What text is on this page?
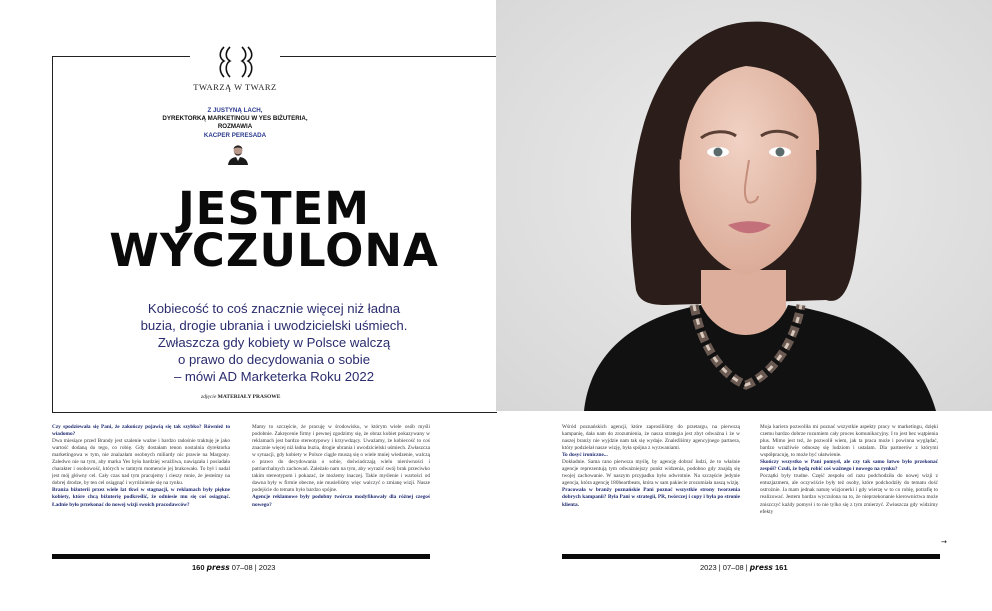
TWARZĄ W TWARZ
Z JUSTYNĄ LACH,
DYREKTORKĄ MARKETINGU W YES BIŻUTERIA,
ROZMAWIA
KACPER PERESADA
JESTEM
WYCZULONA
Kobiecość to coś znacznie więcej niż ładna
buzia, drogie ubrania i uwodzicielski uśmiech.
Zwłaszcza gdy kobiety w Polsce walczą
o prawo do decydowania o sobie
– mówi AD Marketerka Roku 2022
zdjęcie MATERIAŁY PRASOWE

Czy spodziewała się Pani, że zakończy pojawią się tak szybko? Również to wiadomo?

Dwa miesiące przed Brandy jest szalenie ważne i bardzo radośnie traktuję je jako wartość dodaną do tego, co robię. Gdy dostałam tenon nostalnia dyrektorka marketingowa w tym, nie znalazłam osobnych miliardy nic prawie na Margony. Zaledwo nie na tym, aby marka Yes była bardziej wrażliwa, nawiązała i posiadała charakter i osobowość, których w tamtym momencie jej brakowało. To był i nadal jest mój główny cel. Cały czas nad tym pracujemy i cieszy mnie, że jesteśmy na dobrej drodze, by ten cel osiągnąć i wyróżnienie się na rynku.

Branża biżuterii przez wiele lat tkwi w stagnacji, w reklamach były piękne kobiety, które chcą biżuterię podkreślić, że odniesie mu się coś osiągnąć. Ładnie było przekonać do nowej wizji swoich pracodawców?

Mamy to szczęście, że pracuję w środowisku, w którym wiele osób myśli podobnie. Zakręcenie firmy i pewnej zgodzimy się, że obraz kobiet pokazywany w reklamach jest bardzo stereotypowy i krzywdzący. Uważamy, że kobiecość to coś znacznie więcej niż ładna buzia, drogie ubrania i uwodzicielski uśmiech. Zwłaszcza w sytuacji, gdy kobiety w Polsce ciągle muszą się o wiele mniej wiedzenie, walczą o prawo do decydowania o sobie, doświadczają wielu nierówności i patriarchalnych zachowań. Zależało nam na tym, aby wyrazić swój brak przeciwko takim stereotypom i pokazać, że możemy inaczej. Takie myślenie i wartości od dawna były w firmie obecne, nie musieliśmy więc walczyć o zmianę wizji. Nasze podejście do tematu było bardzo spójne.

Agencje reklamowe były podobny twórczo modyfikowały dla różnej czegoś nowego?

Wśród poznańskich agencji, które zaprosiliśmy do przetargu, na pierwszą kampanię, dała nam do zrozumienia, że nasza strategia jest zbyt odważna i że w naszej branży nie wyjdzie nam tak się wydaje. Znaleźliśmy agencyjnego partnera, który podzielał nasze wizję, była spójna z wyzwaniami.

To dosyć ironiczne...

Dokładnie. Sama rano pierwsza myślę, by agencję dobrać ludzi, że to właśnie agencje reprezentują tym odważniejszy punkt widzenia, podobno gdy znajdą się twojej zachowanie. W naszym przypadku było odwrotnie. Na szczęście jedynie agencja, która agencję 180heartbeats, która w sam pakiecie zrozumiała naszą wizję.

Pracowała w branży poznańskie Pani poznać wszystkie strony tworzenia dobrych kampanii? Była Pani w strategii, PR, twórczej i copy i była po stronie klienta.

Moja kariera pozwoliła mi poznać wszystkie aspekty pracy w marketingu, dzięki czemu bardzo dobrze rozumiem cały proces komunikacyjny. I to jest bez wątpienia plus. Mimo jest też, że pozwolił wiem, jak ta praca może i powinna wyglądać, bardzo wrażliwie odnoszę się ludziom i ustalam. Dla partnerów z którymi współpracuję, to może być ułatwienie.

Skończy wszystko w Pani pomysł, ale czy tak samo łatwo było przekonać zespół? Czuli, że będą robić coś ważnego i nowego na rynku?

Początki były trudne. Część zespołu od razu podchodziła do nowej wizji z entuzjazmem, ale oczywiście były też osoby, które podchodziły do tematu dość ostrożnie. Ja mam jednak naturę wizjonerki i gdy wierzę w to co robię, potrafię to realizować. Jestem bardzo wyczulona na to, że nieprzekonanie kierownictwa może zniszczyć każdy pomysł i to nie tylko się z tym zmierzyć. Zwłaszcza gdy widzimy efekty

→
160 press 07–08 | 2023	2023 | 07–08 | press 161
